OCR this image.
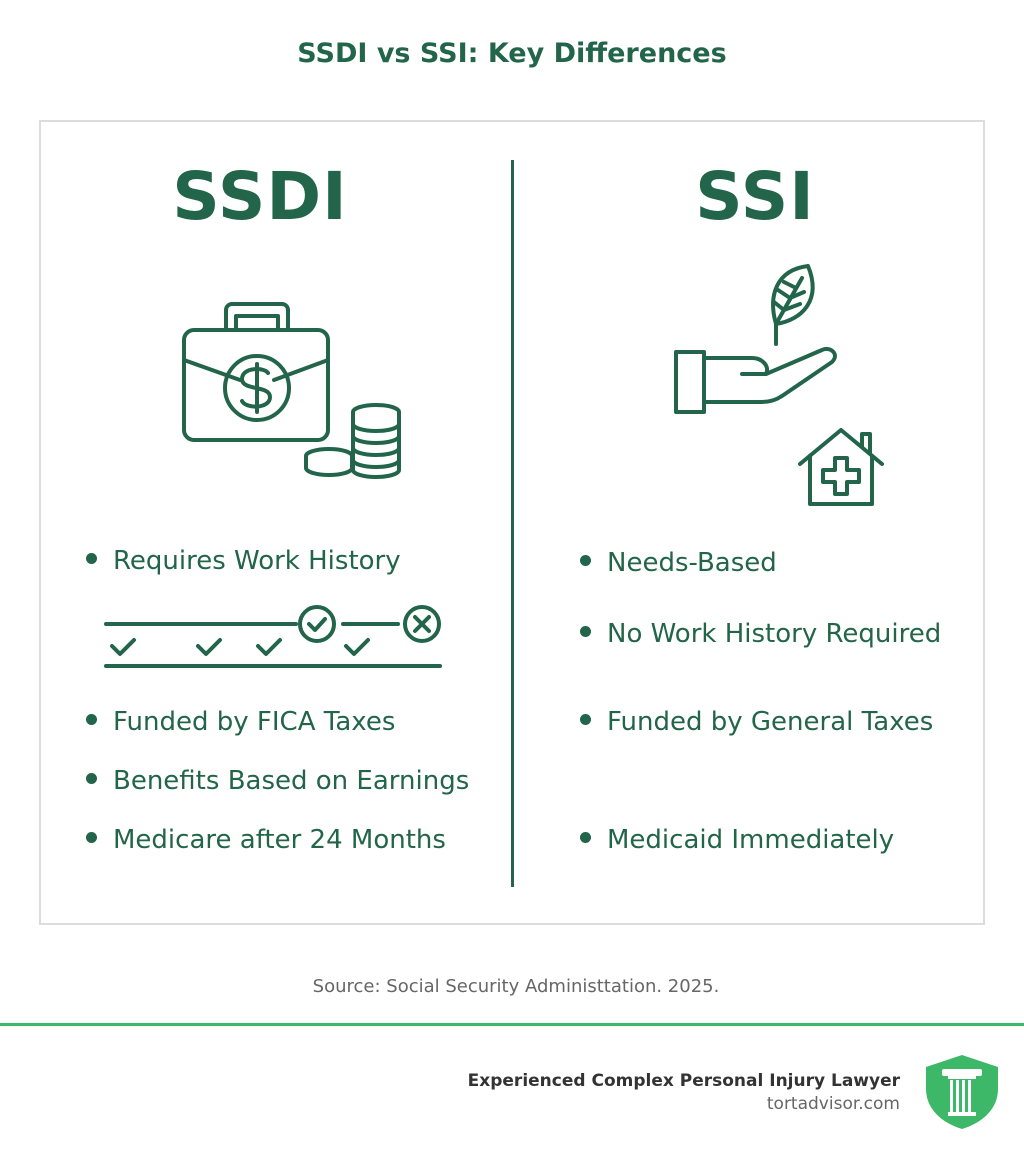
SSDI vs SSI: Key Differences
SSDI
Requires Work History
Funded by FICA Taxes
Benefits Based on Earnings
Medicare after 24 Months
SSI
Needs-Based
No Work History Required
Funded by General Taxes
Medicaid Immediately
Source: Social Security Administtation. 2025.
Experienced Complex Personal Injury Lawyer
tortadvisor.com
